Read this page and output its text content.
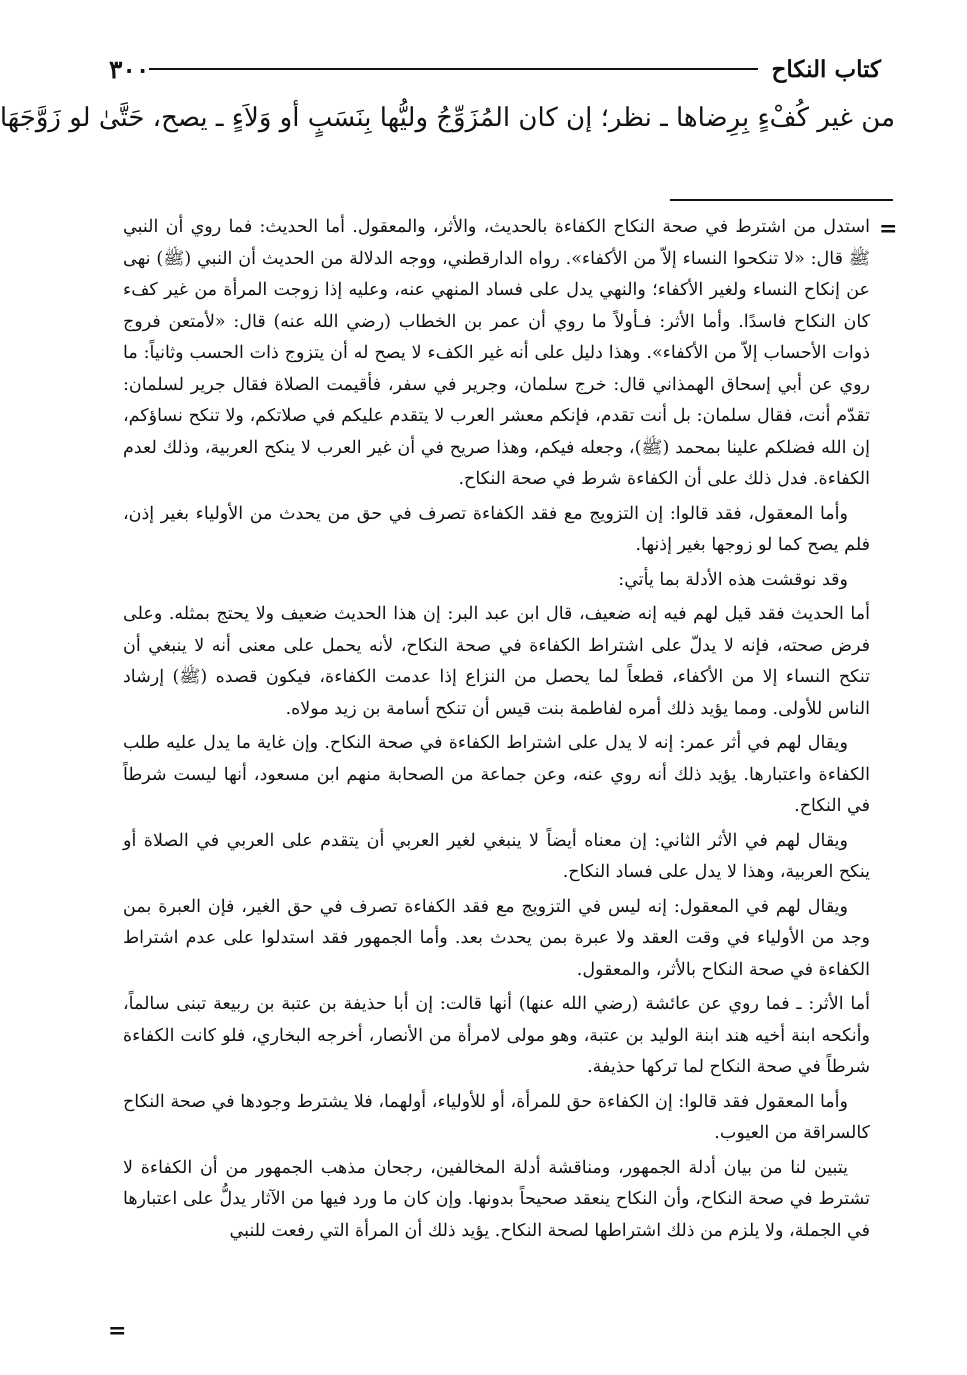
كتاب النكاح
٣٠٠
من غير كُفْءٍ بِرِضاها ـ نظر؛ إن كان المُزَوِّجُ وليُّها بِنَسَبٍ أو وَلاَءٍ ـ يصح، حَتَّىٰ لو زَوَّجَهَا
=

استدل من اشترط في صحة النكاح الكفاءة بالحديث، والأثر، والمعقول. أما الحديث: فما روي أن النبي ﷺ قال: «لا تنكحوا النساء إلاّ من الأكفاء». رواه الدارقطني، ووجه الدلالة من الحديث أن النبي (ﷺ) نهى عن إنكاح النساء ولغير الأكفاء؛ والنهي يدل على فساد المنهي عنه، وعليه إذا زوجت المرأة من غير كفء كان النكاح فاسدًا. وأما الأثر: فـأولاً ما روي أن عمر بن الخطاب (رضي الله عنه) قال: «لأمتعن فروج ذوات الأحساب إلاّ من الأكفاء». وهذا دليل على أنه غير الكفء لا يصح له أن يتزوج ذات الحسب وثانياً: ما روي عن أبي إسحاق الهمذاني قال: خرج سلمان، وجرير في سفر، فأقيمت الصلاة فقال جرير لسلمان: تقدّم أنت، فقال سلمان: بل أنت تقدم، فإنكم معشر العرب لا يتقدم عليكم في صلاتكم، ولا تنكح نساؤكم، إن الله فضلكم علينا بمحمد (ﷺ)، وجعله فيكم، وهذا صريح في أن غير العرب لا ينكح العربية، وذلك لعدم الكفاءة. فدل ذلك على أن الكفاءة شرط في صحة النكاح.

وأما المعقول، فقد قالوا: إن التزويج مع فقد الكفاءة تصرف في حق من يحدث من الأولياء بغير إذن، فلم يصح كما لو زوجها بغير إذنها.

وقد نوقشت هذه الأدلة بما يأتي:

أما الحديث فقد قيل لهم فيه إنه ضعيف، قال ابن عبد البر: إن هذا الحديث ضعيف ولا يحتج بمثله. وعلى فرض صحته، فإنه لا يدلّ على اشتراط الكفاءة في صحة النكاح، لأنه يحمل على معنى أنه لا ينبغي أن تنكح النساء إلا من الأكفاء، قطعاً لما يحصل من النزاع إذا عدمت الكفاءة، فيكون قصده (ﷺ) إرشاد الناس للأولى. ومما يؤيد ذلك أمره لفاطمة بنت قيس أن تنكح أسامة بن زيد مولاه.

ويقال لهم في أثر عمر: إنه لا يدل على اشتراط الكفاءة في صحة النكاح. وإن غاية ما يدل عليه طلب الكفاءة واعتبارها. يؤيد ذلك أنه روي عنه، وعن جماعة من الصحابة منهم ابن مسعود، أنها ليست شرطاً في النكاح.

ويقال لهم في الأثر الثاني: إن معناه أيضاً لا ينبغي لغير العربي أن يتقدم على العربي في الصلاة أو ينكح العربية، وهذا لا يدل على فساد النكاح.

ويقال لهم في المعقول: إنه ليس في التزويج مع فقد الكفاءة تصرف في حق الغير، فإن العبرة بمن وجد من الأولياء في وقت العقد ولا عبرة بمن يحدث بعد. وأما الجمهور فقد استدلوا على عدم اشتراط الكفاءة في صحة النكاح بالأثر، والمعقول.

أما الأثر: ـ فما روي عن عائشة (رضي الله عنها) أنها قالت: إن أبا حذيفة بن عتبة بن ربيعة تبنى سالماً، وأنكحه ابنة أخيه هند ابنة الوليد بن عتبة، وهو مولى لامرأة من الأنصار، أخرجه البخاري، فلو كانت الكفاءة شرطاً في صحة النكاح لما تركها حذيفة.

وأما المعقول فقد قالوا: إن الكفاءة حق للمرأة، أو للأولياء، أولهما، فلا يشترط وجودها في صحة النكاح كالسراقة من العيوب.

يتبين لنا من بيان أدلة الجمهور، ومناقشة أدلة المخالفين، رجحان مذهب الجمهور من أن الكفاءة لا تشترط في صحة النكاح، وأن النكاح ينعقد صحيحاً بدونها. وإن كان ما ورد فيها من الآثار يدلُّ على اعتبارها في الجملة، ولا يلزم من ذلك اشتراطها لصحة النكاح. يؤيد ذلك أن المرأة التي رفعت للنبي

=
